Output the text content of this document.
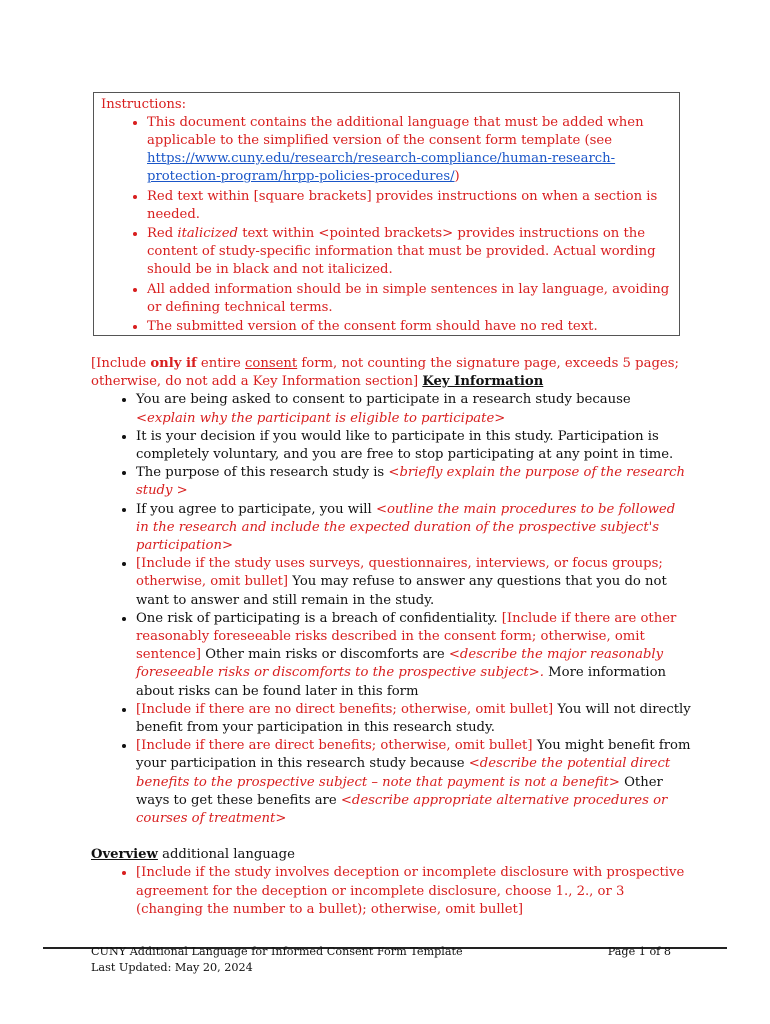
Instructions:
• This document contains the additional language that must be added when applicable to the simplified version of the consent form template (see https://www.cuny.edu/research/research-compliance/human-research-protection-program/hrpp-policies-procedures/)
• Red text within [square brackets] provides instructions on when a section is needed.
• Red italicized text within <pointed brackets> provides instructions on the content of study-specific information that must be provided. Actual wording should be in black and not italicized.
• All added information should be in simple sentences in lay language, avoiding or defining technical terms.
• The submitted version of the consent form should have no red text.

[Include only if entire consent form, not counting the signature page, exceeds 5 pages; otherwise, do not add a Key Information section] Key Information

• You are being asked to consent to participate in a research study because <explain why the participant is eligible to participate>
• It is your decision if you would like to participate in this study. Participation is completely voluntary, and you are free to stop participating at any point in time.
• The purpose of this research study is <briefly explain the purpose of the research study >
• If you agree to participate, you will <outline the main procedures to be followed in the research and include the expected duration of the prospective subject's participation>
• [Include if the study uses surveys, questionnaires, interviews, or focus groups; otherwise, omit bullet] You may refuse to answer any questions that you do not want to answer and still remain in the study.
• One risk of participating is a breach of confidentiality. [Include if there are other reasonably foreseeable risks described in the consent form; otherwise, omit sentence] Other main risks or discomforts are <describe the major reasonably foreseeable risks or discomforts to the prospective subject>. More information about risks can be found later in this form
• [Include if there are no direct benefits; otherwise, omit bullet] You will not directly benefit from your participation in this research study.
• [Include if there are direct benefits; otherwise, omit bullet] You might benefit from your participation in this research study because <describe the potential direct benefits to the prospective subject – note that payment is not a benefit> Other ways to get these benefits are <describe appropriate alternative procedures or courses of treatment>

Overview additional language

• [Include if the study involves deception or incomplete disclosure with prospective agreement for the deception or incomplete disclosure, choose 1., 2., or 3 (changing the number to a bullet); otherwise, omit bullet]
CUNY Additional Language for Informed Consent Form Template	Page 1 of 8
Last Updated: May 20, 2024
